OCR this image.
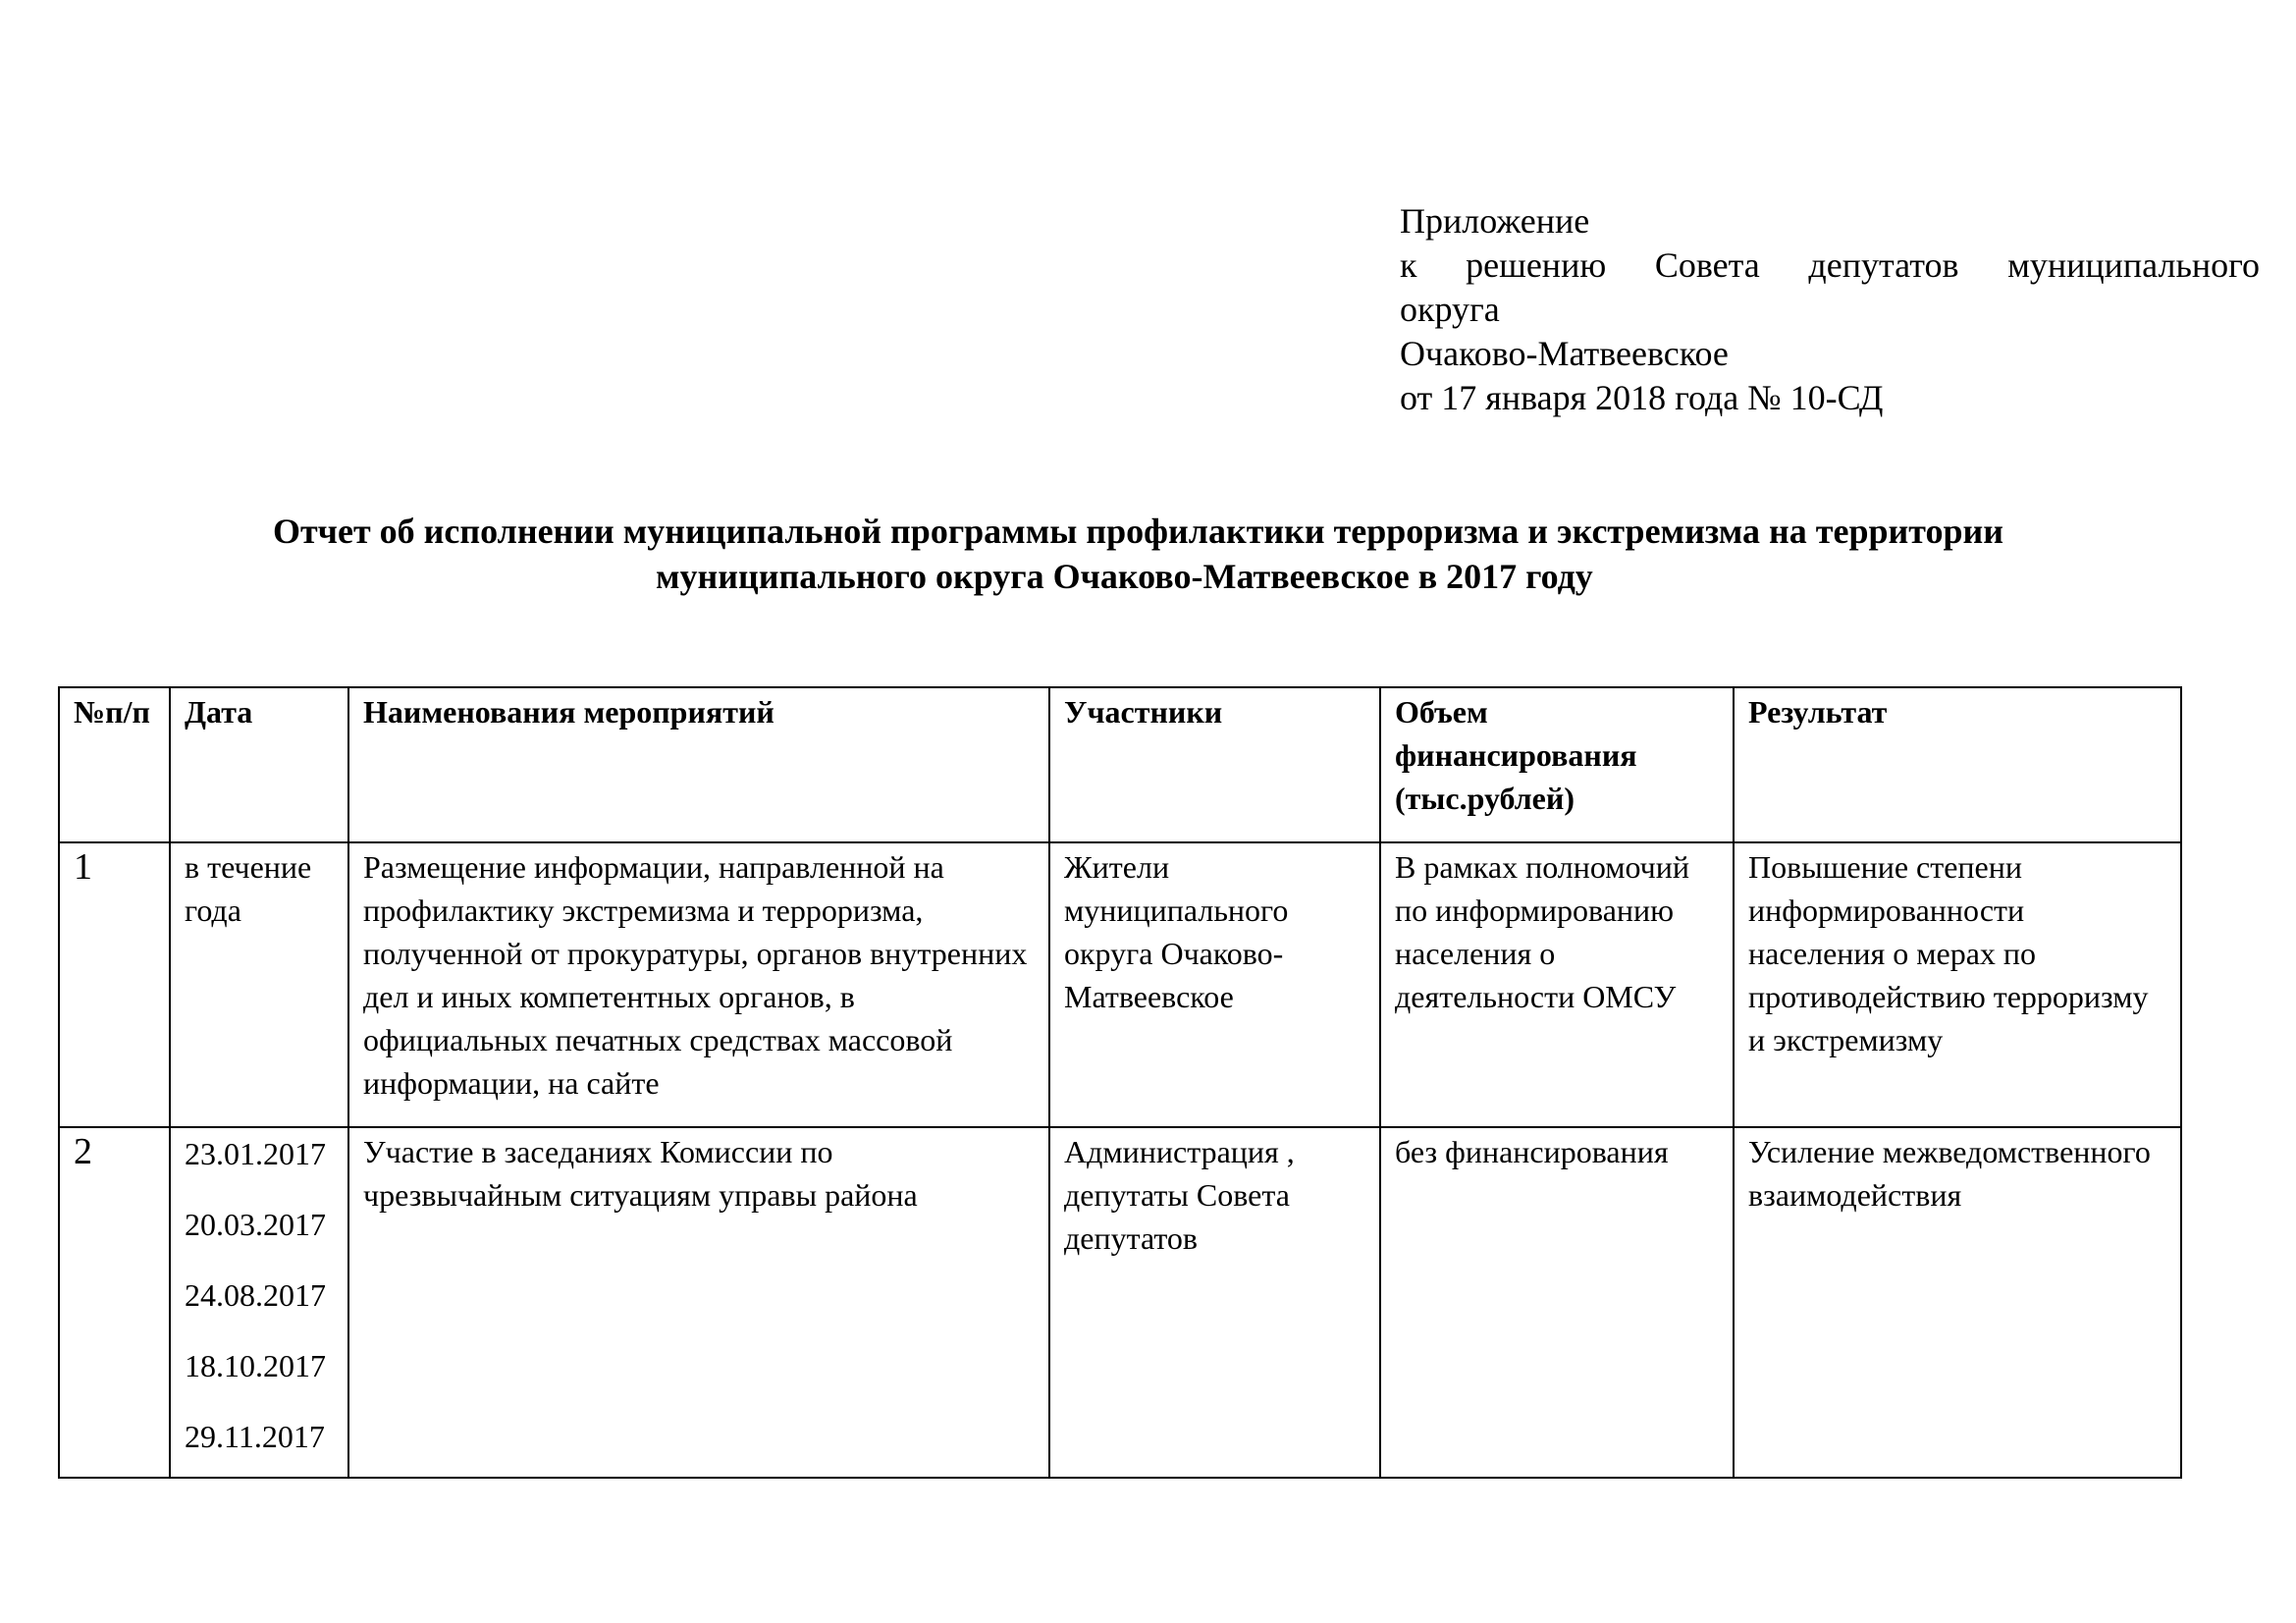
Приложение
к решению Совета депутатов муниципального
округа
Очаково-Матвеевское
от 17 января 2018 года № 10-СД
Отчет об исполнении муниципальной программы профилактики терроризма и экстремизма на территории
муниципального округа Очаково-Матвеевское в 2017 году
№п/п	Дата	Наименования мероприятий	Участники	Объем финансирования (тыс.рублей)	Результат
1	в течение года	Размещение информации, направленной на профилактику экстремизма и терроризма, полученной от прокуратуры, органов внутренних дел и иных компетентных органов, в официальных печатных средствах массовой информации, на сайте	Жители муниципального округа Очаково-Матвеевское	В рамках полномочий по информированию населения о деятельности ОМСУ	Повышение степени информированности населения о мерах по противодействию терроризму и экстремизму
2	23.01.2017
20.03.2017
24.08.2017
18.10.2017
29.11.2017	Участие в заседаниях Комиссии по чрезвычайным ситуациям управы района	Администрация , депутаты Совета депутатов	без финансирования	Усиление межведомственного взаимодействия
